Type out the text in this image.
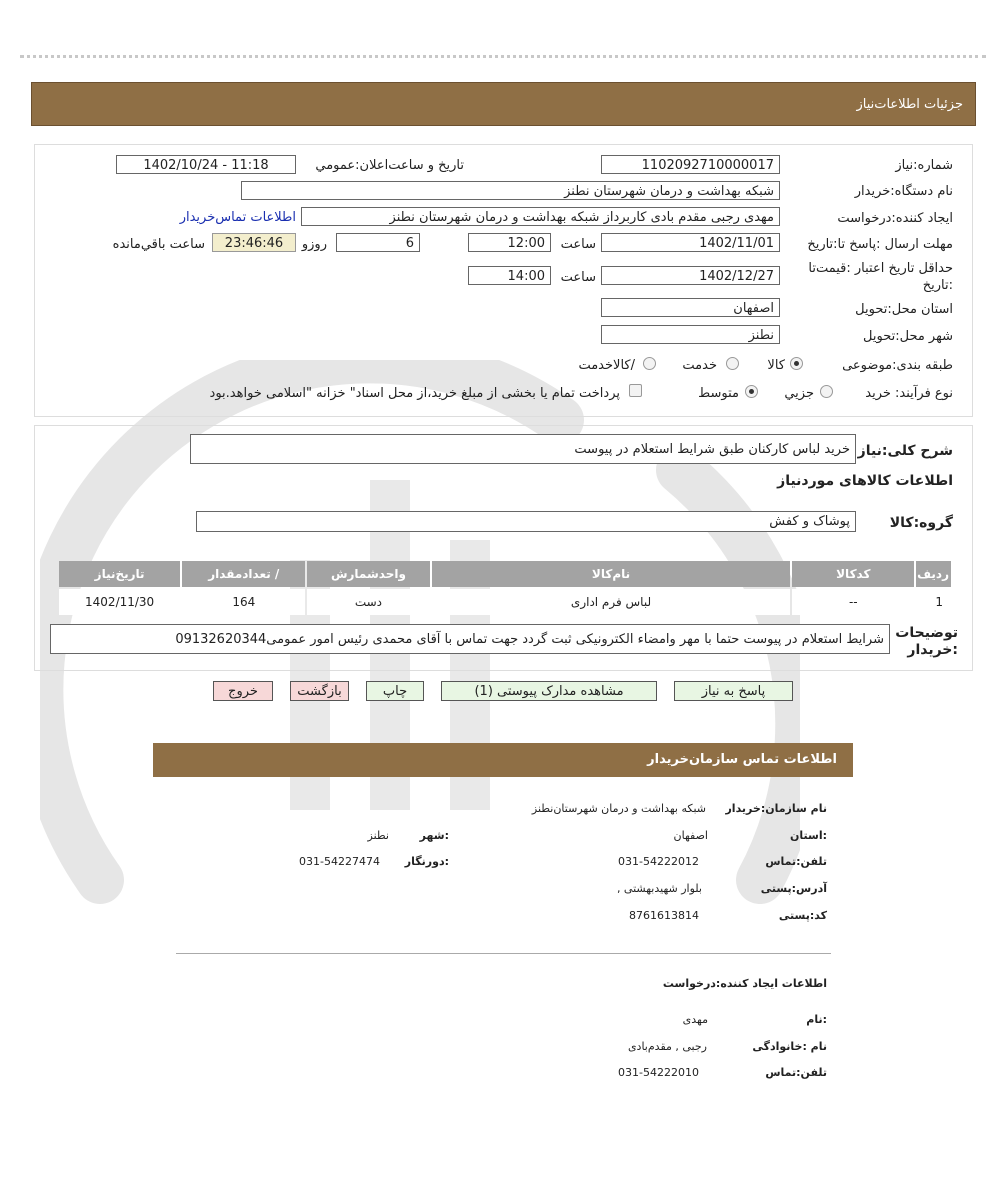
جزئیات اطلاعات‌نیاز
شماره:نیاز
1102092710000017
تاریخ و ساعت‌اعلان:عمومي
1402/10/24 - 11:18
نام دستگاه:خریدار
شبکه بهداشت و درمان شهرستان نطنز
ایجاد کننده:درخواست
مهدی رجبی مقدم بادی کاربرداز شبکه بهداشت و درمان شهرستان نطنز
اطلاعات تماس‌خریدار
مهلت ارسال :پاسخ تا:تاریخ
1402/11/01
ساعت
12:00
6
روزو
23:46:46
ساعت باقي‌مانده
حداقل تاریخ اعتبار :قیمت‌تا
:تاریخ
1402/12/27
ساعت
14:00
استان محل:تحویل
اصفهان
شهر محل:تحویل
نطنز
طبقه بندی:موضوعی
کالا
خدمت
/کالاخدمت
نوع فرآیند: خرید
جزیي
متوسط
پرداخت تمام یا بخشی از مبلغ خرید،از محل اسناد" خزانه "اسلامی خواهد.بود
شرح کلی:نیاز
خرید لباس کارکنان طبق شرایط استعلام در پیوست
اطلاعات کالاهای مورد‌نیاز
گروه:کالا
پوشاک و کفش
ردیف	کدکالا	نام‌کالا	واحدشمارش	/ تعدادمقدار	تاریخ‌نیاز
1	--	لباس فرم اداری	دست	164	1402/11/30
توضیحات
:خریدار
شرایط استعلام در پیوست حتما با مهر وامضاء الکترونیکی ثبت گردد جهت تماس با آقای محمدی رئیس امور عمومی09132620344
پاسخ به نیاز
مشاهده مدارک پیوستی (1)
چاپ
بازگشت
خروج
اطلاعات تماس سازمان‌خریدار
نام سازمان:خریدار
شبکه بهداشت و درمان شهرستان‌نطنز
:استان
اصفهان
:شهر
نطنز
تلفن:تماس
031-54222012
:دورنگار
031-54227474
آدرس:پستی
بلوار شهیدبهشتی ,
کد:پستی
8761613814
اطلاعات ایجاد کننده:درخواست
:نام
مهدی
نام :خانوادگی
رجبی , مقدم‌بادی
تلفن:تماس
031-54222010
